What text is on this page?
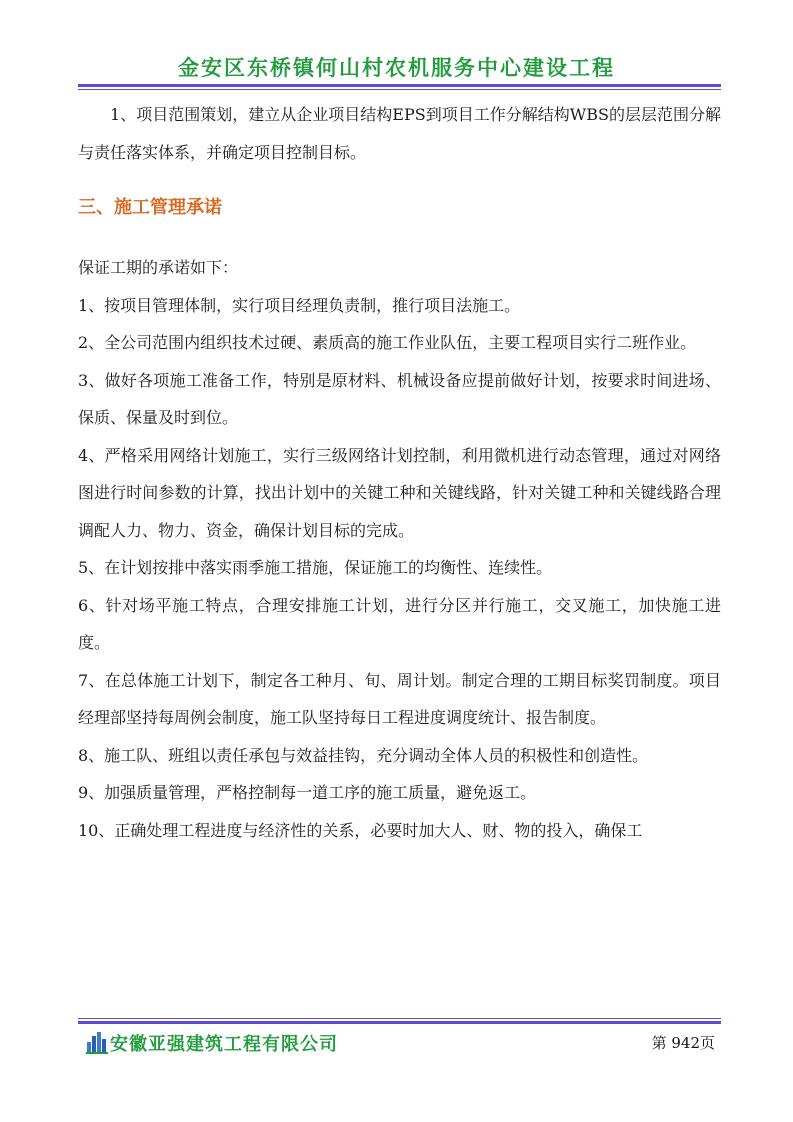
金安区东桥镇何山村农机服务中心建设工程

1、项目范围策划，建立从企业项目结构EPS到项目工作分解结构WBS的层层范围分解与责任落实体系，并确定项目控制目标。

三、施工管理承诺

保证工期的承诺如下：

1、按项目管理体制，实行项目经理负责制，推行项目法施工。

2、全公司范围内组织技术过硬、素质高的施工作业队伍，主要工程项目实行二班作业。

3、做好各项施工准备工作，特别是原材料、机械设备应提前做好计划，按要求时间进场、保质、保量及时到位。

4、严格采用网络计划施工，实行三级网络计划控制，利用微机进行动态管理，通过对网络图进行时间参数的计算，找出计划中的关键工种和关键线路，针对关键工种和关键线路合理调配人力、物力、资金，确保计划目标的完成。

5、在计划按排中落实雨季施工措施，保证施工的均衡性、连续性。

6、针对场平施工特点，合理安排施工计划，进行分区并行施工，交叉施工，加快施工进度。

7、在总体施工计划下，制定各工种月、旬、周计划。制定合理的工期目标奖罚制度。项目经理部坚持每周例会制度，施工队坚持每日工程进度调度统计、报告制度。

8、施工队、班组以责任承包与效益挂钩，充分调动全体人员的积极性和创造性。

9、加强质量管理，严格控制每一道工序的施工质量，避免返工。

10、正确处理工程进度与经济性的关系，必要时加大人、财、物的投入，确保工

安徽亚强建筑工程有限公司	第 942页
